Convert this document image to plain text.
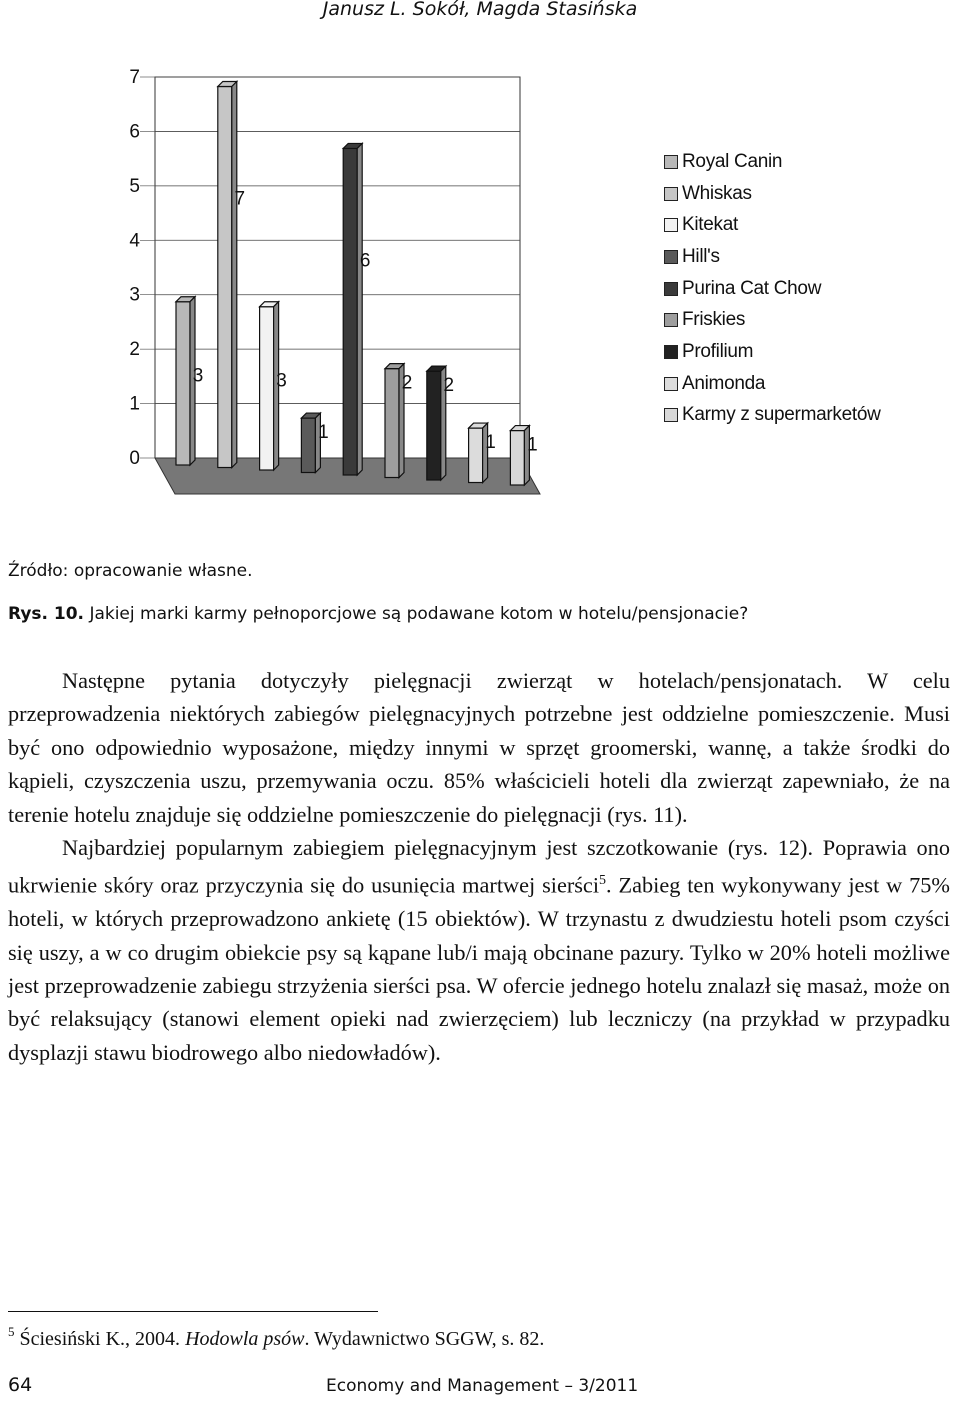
Janusz L. Sokół, Magda Stasińska
0
1
2
3
4
5
6
7
3
7
3
1
6
2 2
1 1
Royal Canin
Whiskas
Kitekat
Hill's
Purina Cat Chow
Friskies
Profilium
Animonda
Karmy z supermarketów
Źródło: opracowanie własne.
Rys. 10. Jakiej marki karmy pełnoporcjowe są podawane kotom w hotelu/pensjonacie?

Następne pytania dotyczyły pielęgnacji zwierząt w hotelach/pensjonatach. W celu przeprowadzenia niektórych zabiegów pielęgnacyjnych potrzebne jest oddzielne pomieszczenie. Musi być ono odpowiednio wyposażone, między innymi w sprzęt groomerski, wannę, a także środki do kąpieli, czyszczenia uszu, przemywania oczu. 85% właścicieli hoteli dla zwierząt zapewniało, że na terenie hotelu znajduje się oddzielne pomieszczenie do pielęgnacji (rys. 11).

Najbardziej popularnym zabiegiem pielęgnacyjnym jest szczotkowanie (rys. 12). Poprawia ono ukrwienie skóry oraz przyczynia się do usunięcia martwej sierści$^5$. Zabieg ten wykonywany jest w 75% hoteli, w których przeprowadzono ankietę (15 obiektów). W trzynastu z dwudziestu hoteli psom czyści się uszy, a w co drugim obiekcie psy są kąpane lub/i mają obcinane pazury. Tylko w 20% hoteli możliwe jest przeprowadzenie zabiegu strzyżenia sierści psa. W ofercie jednego hotelu znalazł się masaż, może on być relaksujący (stanowi element opieki nad zwierzęciem) lub leczniczy (na przykład w przypadku dysplazji stawu biodrowego albo niedowładów).

$^5$ Ściesiński K., 2004. Hodowla psów. Wydawnictwo SGGW, s. 82.
64	Economy and Management – 3/2011
